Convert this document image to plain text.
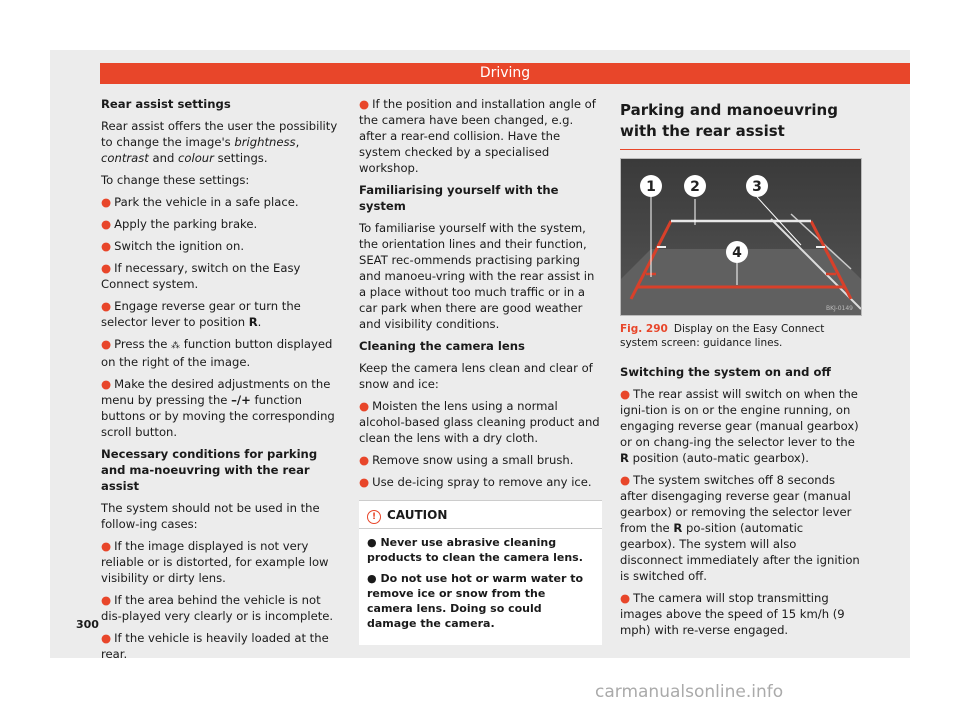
Driving

Rear assist settings

Rear assist offers the user the possibility to change the image's brightness, contrast and colour settings.

To change these settings:

● Park the vehicle in a safe place.

● Apply the parking brake.

● Switch the ignition on.

● If necessary, switch on the Easy Connect system.

● Engage reverse gear or turn the selector lever to position R.

● Press the ⁂ function button displayed on the right of the image.

● Make the desired adjustments on the menu by pressing the –/+ function buttons or by moving the corresponding scroll button.

Necessary conditions for parking and ma-noeuvring with the rear assist

The system should not be used in the follow-ing cases:

● If the image displayed is not very reliable or is distorted, for example low visibility or dirty lens.

● If the area behind the vehicle is not dis-played very clearly or is incomplete.

● If the vehicle is heavily loaded at the rear.

● If the position and installation angle of the camera have been changed, e.g. after a rear-end collision. Have the system checked by a specialised workshop.

Familiarising yourself with the system

To familiarise yourself with the system, the orientation lines and their function, SEAT rec-ommends practising parking and manoeu-vring with the rear assist in a place without too much traffic or in a car park when there are good weather and visibility conditions.

Cleaning the camera lens

Keep the camera lens clean and clear of snow and ice:

● Moisten the lens using a normal alcohol-based glass cleaning product and clean the lens with a dry cloth.

● Remove snow using a small brush.

● Use de-icing spray to remove any ice.

! CAUTION

● Never use abrasive cleaning products to clean the camera lens.

● Do not use hot or warm water to remove ice or snow from the camera lens. Doing so could damage the camera.

Parking and manoeuvring with the rear assist
1 2	3
4
BKJ-0149
Fig. 290 Display on the Easy Connect system screen: guidance lines.

Switching the system on and off

● The rear assist will switch on when the igni-tion is on or the engine running, on engaging reverse gear (manual gearbox) or on chang-ing the selector lever to the R position (auto-matic gearbox).

● The system switches off 8 seconds after disengaging reverse gear (manual gearbox) or removing the selector lever from the R po-sition (automatic gearbox). The system will also disconnect immediately after the ignition is switched off.

● The camera will stop transmitting images above the speed of 15 km/h (9 mph) with re-verse engaged.

300
carmanualsonline.info
